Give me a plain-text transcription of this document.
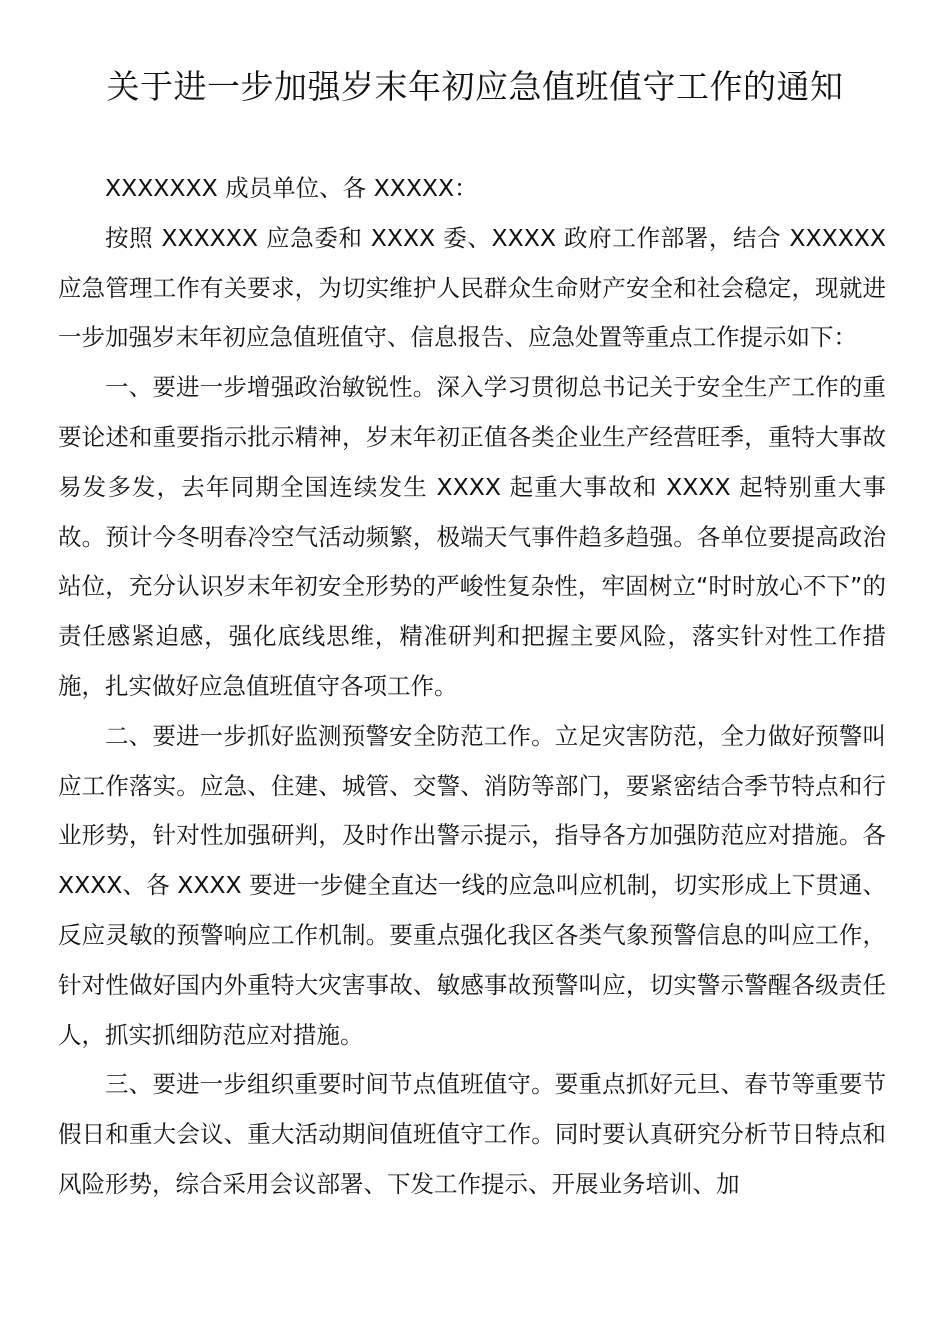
关于进一步加强岁末年初应急值班值守工作的通知

XXXXXXX 成员单位、各 XXXXX：

按照 XXXXXX 应急委和 XXXX 委、XXXX 政府工作部署，结合 XXXXXX 应急管理工作有关要求，为切实维护人民群众生命财产安全和社会稳定，现就进一步加强岁末年初应急值班值守、信息报告、应急处置等重点工作提示如下：

一、要进一步增强政治敏锐性。深入学习贯彻总书记关于安全生产工作的重要论述和重要指示批示精神，岁末年初正值各类企业生产经营旺季，重特大事故易发多发，去年同期全国连续发生 XXXX 起重大事故和 XXXX 起特别重大事故。预计今冬明春冷空气活动频繁，极端天气事件趋多趋强。各单位要提高政治站位，充分认识岁末年初安全形势的严峻性复杂性，牢固树立“时时放心不下”的责任感紧迫感，强化底线思维，精准研判和把握主要风险，落实针对性工作措施，扎实做好应急值班值守各项工作。

二、要进一步抓好监测预警安全防范工作。立足灾害防范，全力做好预警叫应工作落实。应急、住建、城管、交警、消防等部门，要紧密结合季节特点和行业形势，针对性加强研判，及时作出警示提示，指导各方加强防范应对措施。各 XXXX、各 XXXX 要进一步健全直达一线的应急叫应机制，切实形成上下贯通、反应灵敏的预警响应工作机制。要重点强化我区各类气象预警信息的叫应工作，针对性做好国内外重特大灾害事故、敏感事故预警叫应，切实警示警醒各级责任人，抓实抓细防范应对措施。

三、要进一步组织重要时间节点值班值守。要重点抓好元旦、春节等重要节假日和重大会议、重大活动期间值班值守工作。同时要认真研究分析节日特点和风险形势，综合采用会议部署、下发工作提示、开展业务培训、加
